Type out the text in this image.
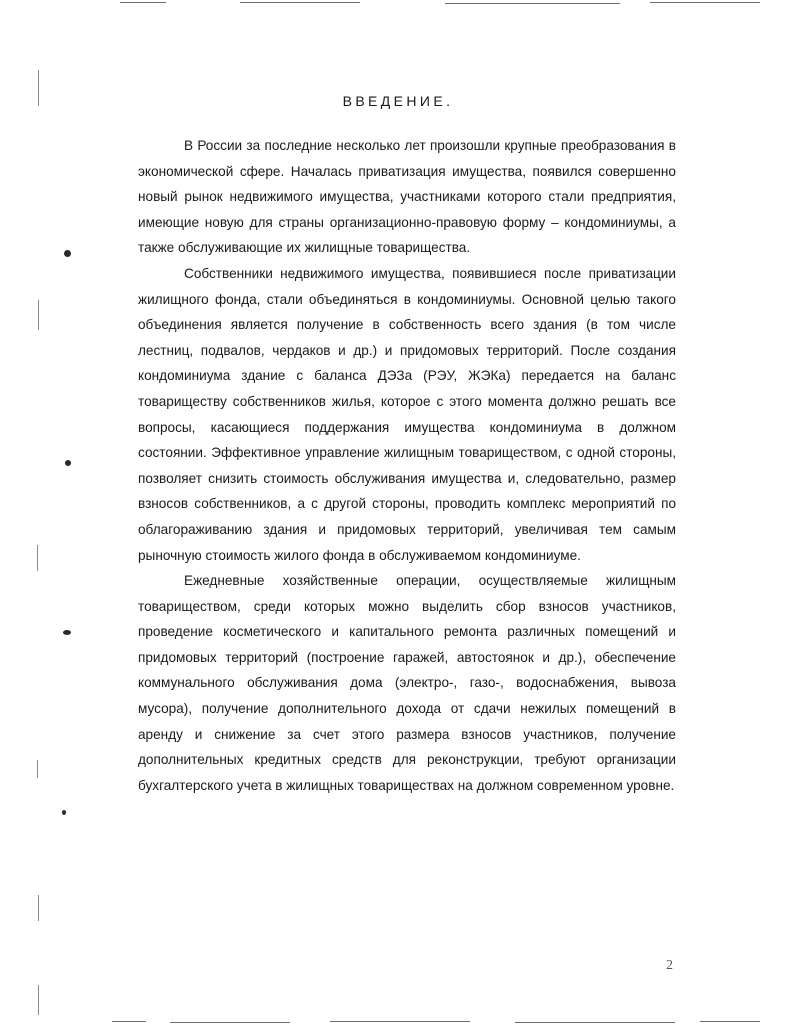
ВВЕДЕНИЕ.

В России за последние несколько лет произошли крупные преобразования в экономической сфере. Началась приватизация имущества, появился совершенно новый рынок недвижимого имущества, участниками которого стали предприятия, имеющие новую для страны организационно-правовую форму – кондоминиумы, а также обслуживающие их жилищные товарищества.

Собственники недвижимого имущества, появившиеся после приватизации жилищного фонда, стали объединяться в кондоминиумы. Основной целью такого объединения является получение в собственность всего здания (в том числе лестниц, подвалов, чердаков и др.) и придомовых территорий. После создания кондоминиума здание с баланса ДЭЗа (РЭУ, ЖЭКа) передается на баланс товариществу собственников жилья, которое с этого момента должно решать все вопросы, касающиеся поддержания имущества кондоминиума в должном состоянии. Эффективное управление жилищным товариществом, с одной стороны, позволяет снизить стоимость обслуживания имущества и, следовательно, размер взносов собственников, а с другой стороны, проводить комплекс мероприятий по облагораживанию здания и придомовых территорий, увеличивая тем самым рыночную стоимость жилого фонда в обслуживаемом кондоминиуме.

Ежедневные хозяйственные операции, осуществляемые жилищным товариществом, среди которых можно выделить сбор взносов участников, проведение косметического и капитального ремонта различных помещений и придомовых территорий (построение гаражей, автостоянок и др.), обеспечение коммунального обслуживания дома (электро-, газо-, водоснабжения, вывоза мусора), получение дополнительного дохода от сдачи нежилых помещений в аренду и снижение за счет этого размера взносов участников, получение дополнительных кредитных средств для реконструкции, требуют организации бухгалтерского учета в жилищных товариществах на должном современном уровне.

2
